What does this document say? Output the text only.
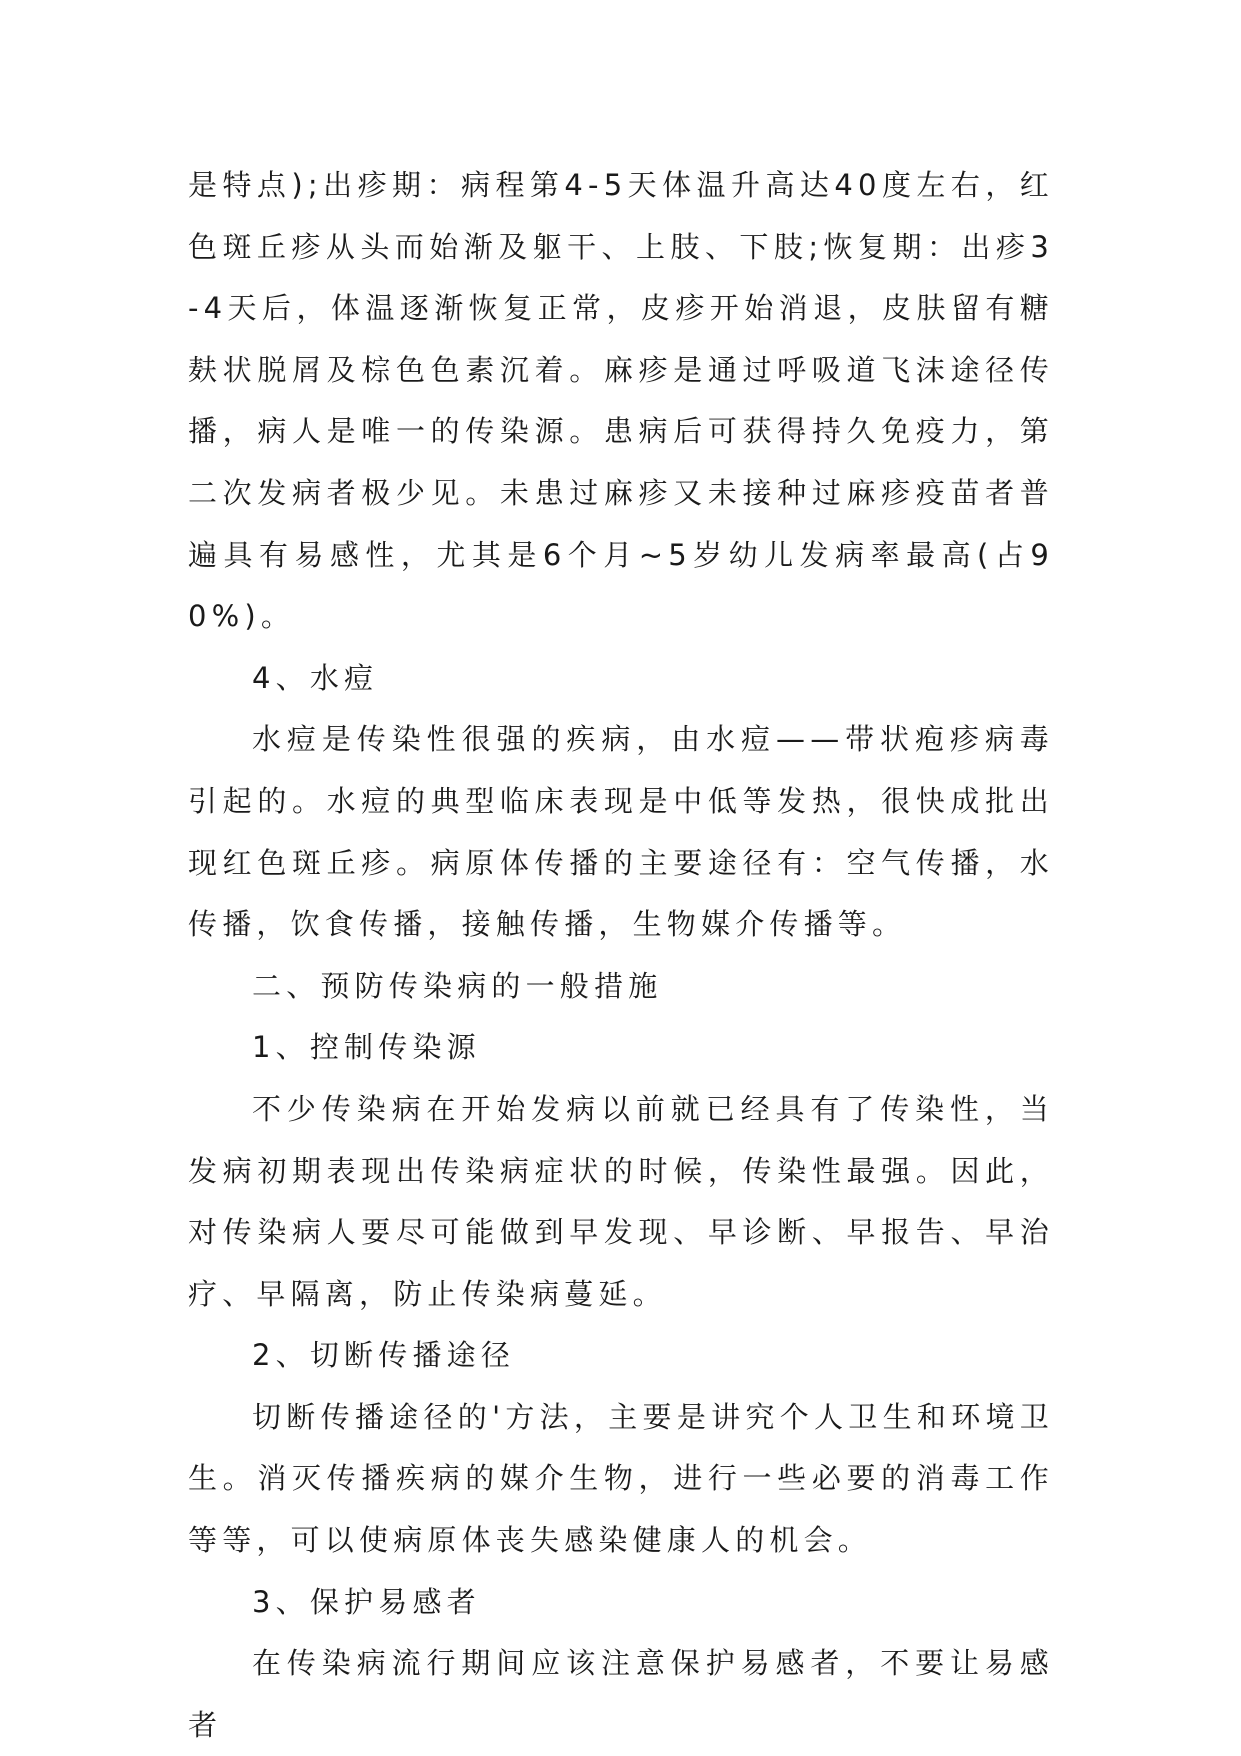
是特点);出疹期：病程第4-5天体温升高达40度左右，红色斑丘疹从头而始渐及躯干、上肢、下肢;恢复期：出疹3-4天后，体温逐渐恢复正常，皮疹开始消退，皮肤留有糖麸状脱屑及棕色色素沉着。麻疹是通过呼吸道飞沫途径传播，病人是唯一的传染源。患病后可获得持久免疫力，第二次发病者极少见。未患过麻疹又未接种过麻疹疫苗者普遍具有易感性，尤其是6个月~5岁幼儿发病率最高(占90%)。

4、水痘

水痘是传染性很强的疾病，由水痘——带状疱疹病毒引起的。水痘的典型临床表现是中低等发热，很快成批出现红色斑丘疹。病原体传播的主要途径有：空气传播，水传播，饮食传播，接触传播，生物媒介传播等。

二、预防传染病的一般措施

1、控制传染源

不少传染病在开始发病以前就已经具有了传染性，当发病初期表现出传染病症状的时候，传染性最强。因此，对传染病人要尽可能做到早发现、早诊断、早报告、早治疗、早隔离，防止传染病蔓延。

2、切断传播途径

切断传播途径的'方法，主要是讲究个人卫生和环境卫生。消灭传播疾病的媒介生物，进行一些必要的消毒工作等等，可以使病原体丧失感染健康人的机会。

3、保护易感者

在传染病流行期间应该注意保护易感者，不要让易感者
